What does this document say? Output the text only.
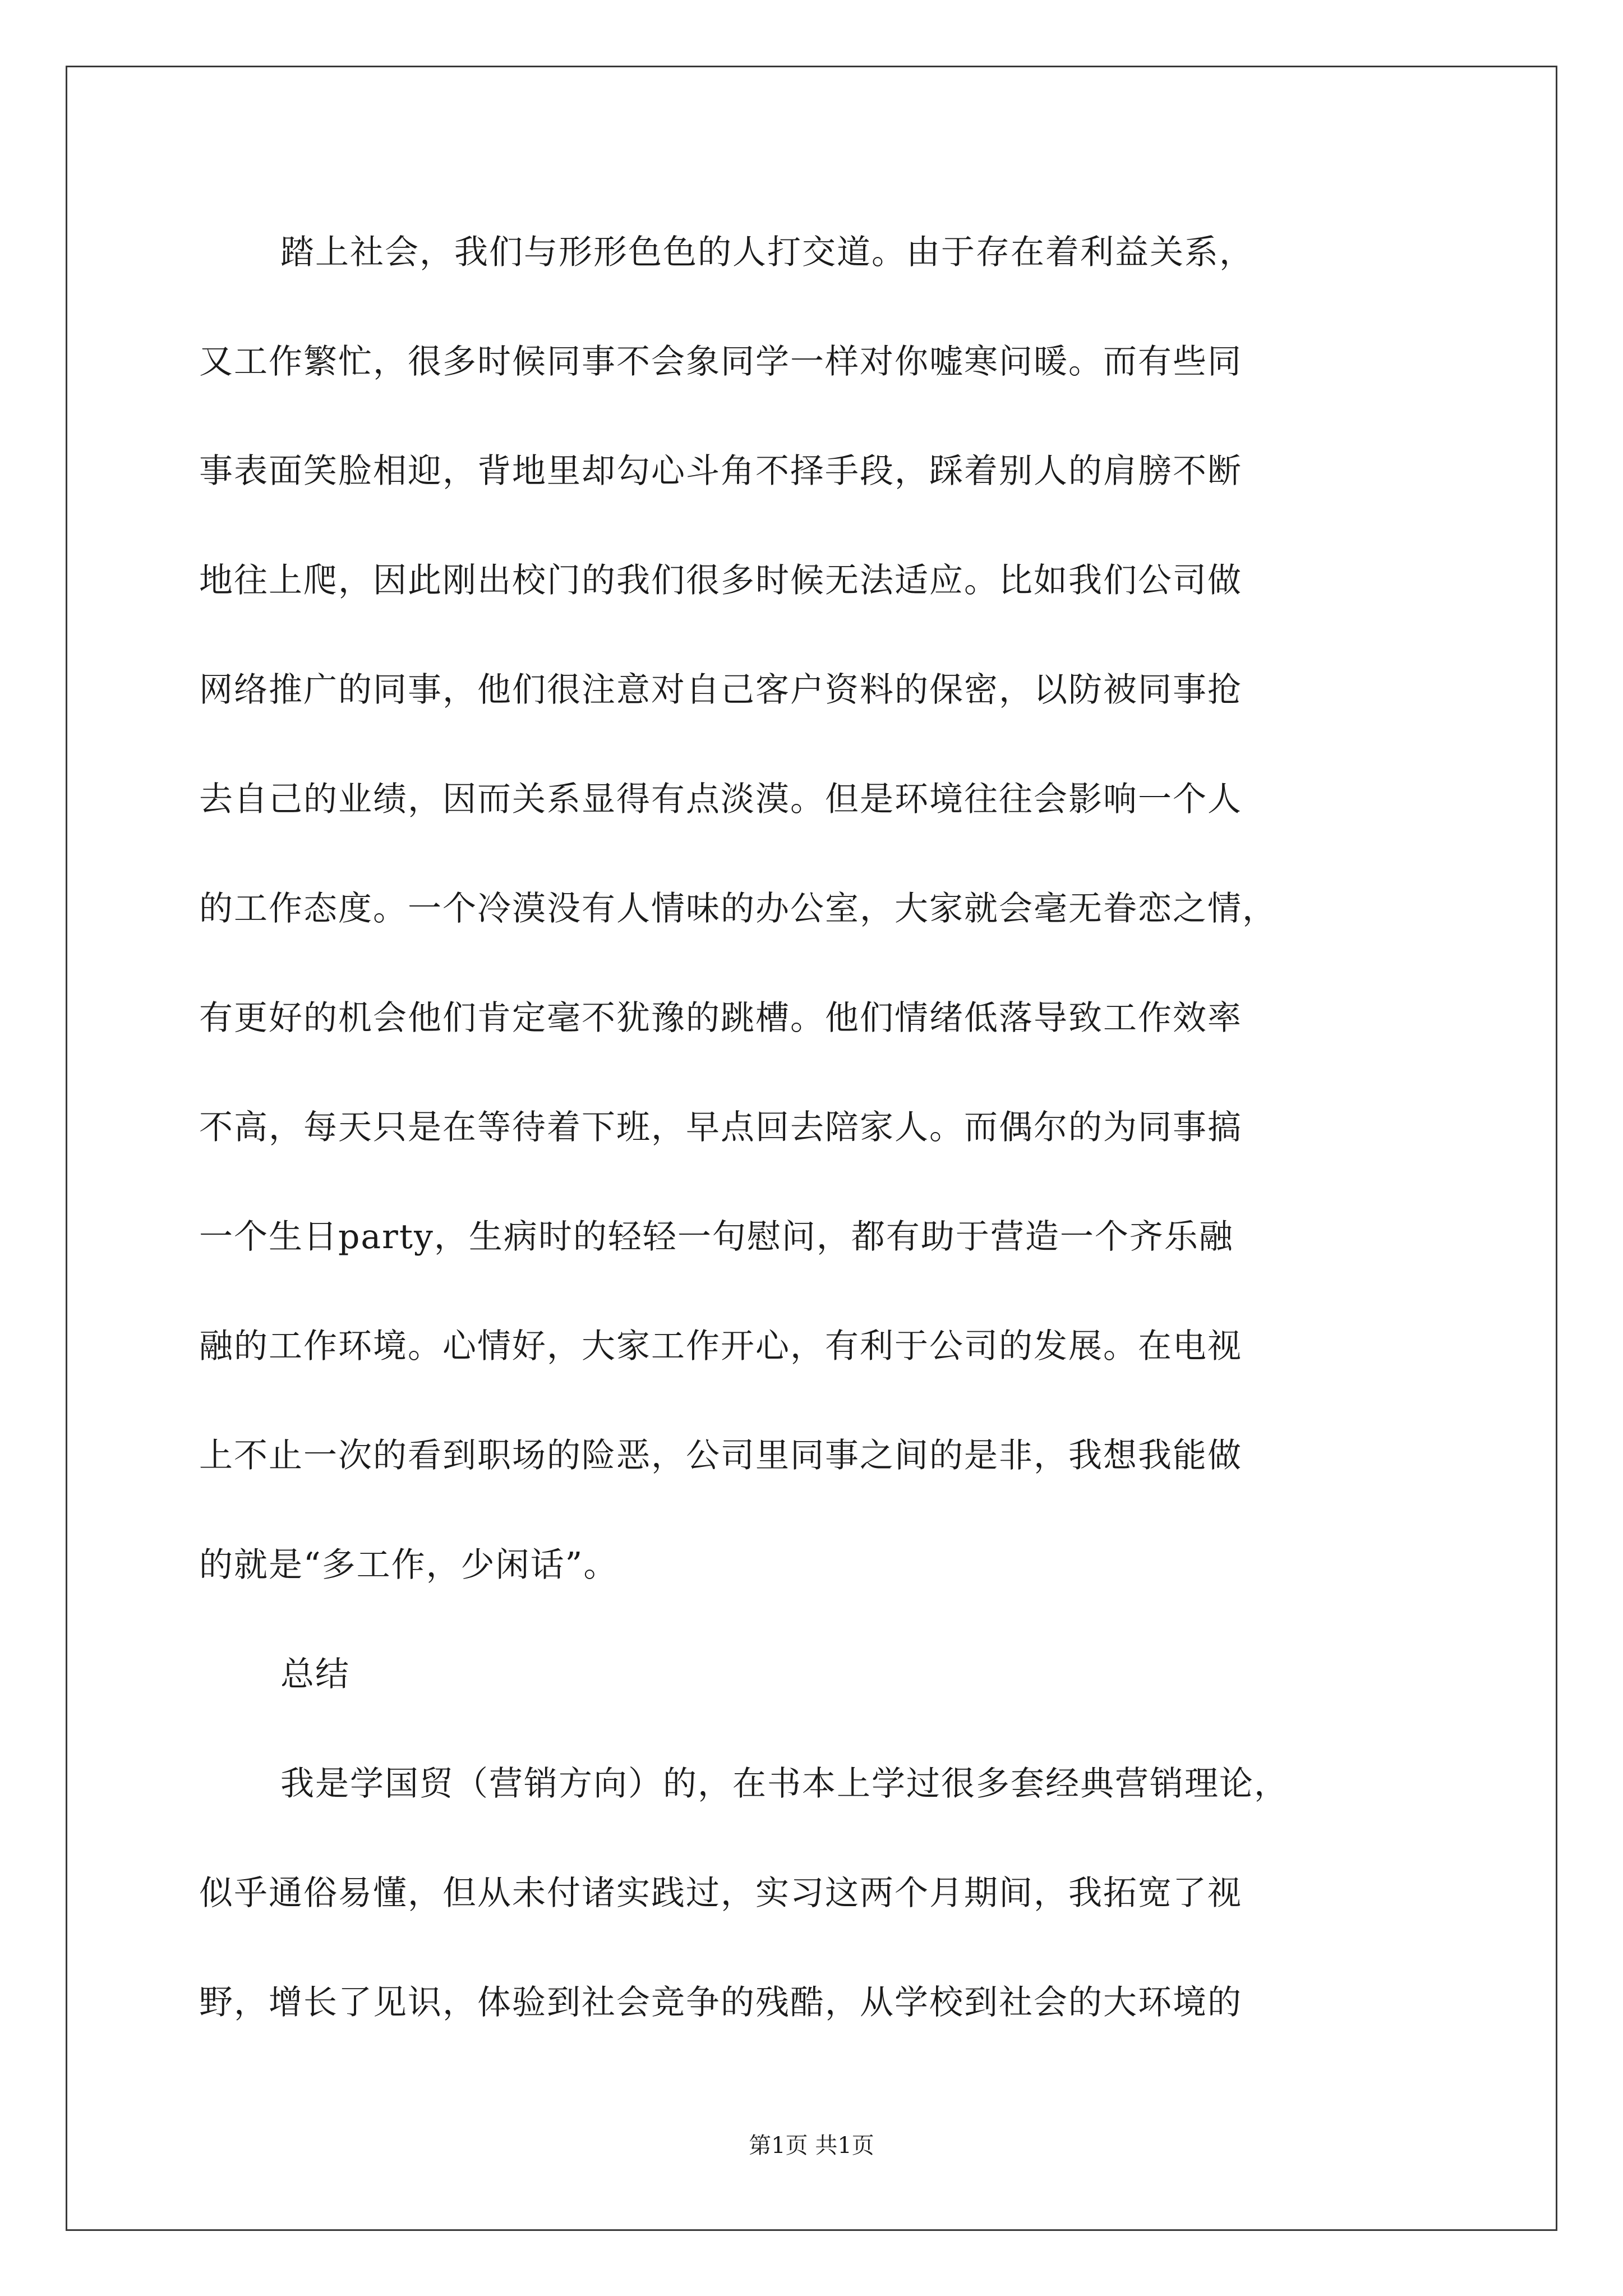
踏上社会，我们与形形色色的人打交道。由于存在着利益关系，
又工作繁忙，很多时候同事不会象同学一样对你嘘寒问暖。而有些同
事表面笑脸相迎，背地里却勾心斗角不择手段，踩着别人的肩膀不断
地往上爬，因此刚出校门的我们很多时候无法适应。比如我们公司做
网络推广的同事，他们很注意对自己客户资料的保密，以防被同事抢
去自己的业绩，因而关系显得有点淡漠。但是环境往往会影响一个人
的工作态度。一个冷漠没有人情味的办公室，大家就会毫无眷恋之情，
有更好的机会他们肯定毫不犹豫的跳槽。他们情绪低落导致工作效率
不高，每天只是在等待着下班，早点回去陪家人。而偶尔的为同事搞
一个生日party，生病时的轻轻一句慰问，都有助于营造一个齐乐融
融的工作环境。心情好，大家工作开心，有利于公司的发展。在电视
上不止一次的看到职场的险恶，公司里同事之间的是非，我想我能做
的就是“多工作，少闲话”。
总结
我是学国贸（营销方向）的，在书本上学过很多套经典营销理论，
似乎通俗易懂，但从未付诸实践过，实习这两个月期间，我拓宽了视
野，增长了见识，体验到社会竞争的残酷，从学校到社会的大环境的
第1页 共1页
